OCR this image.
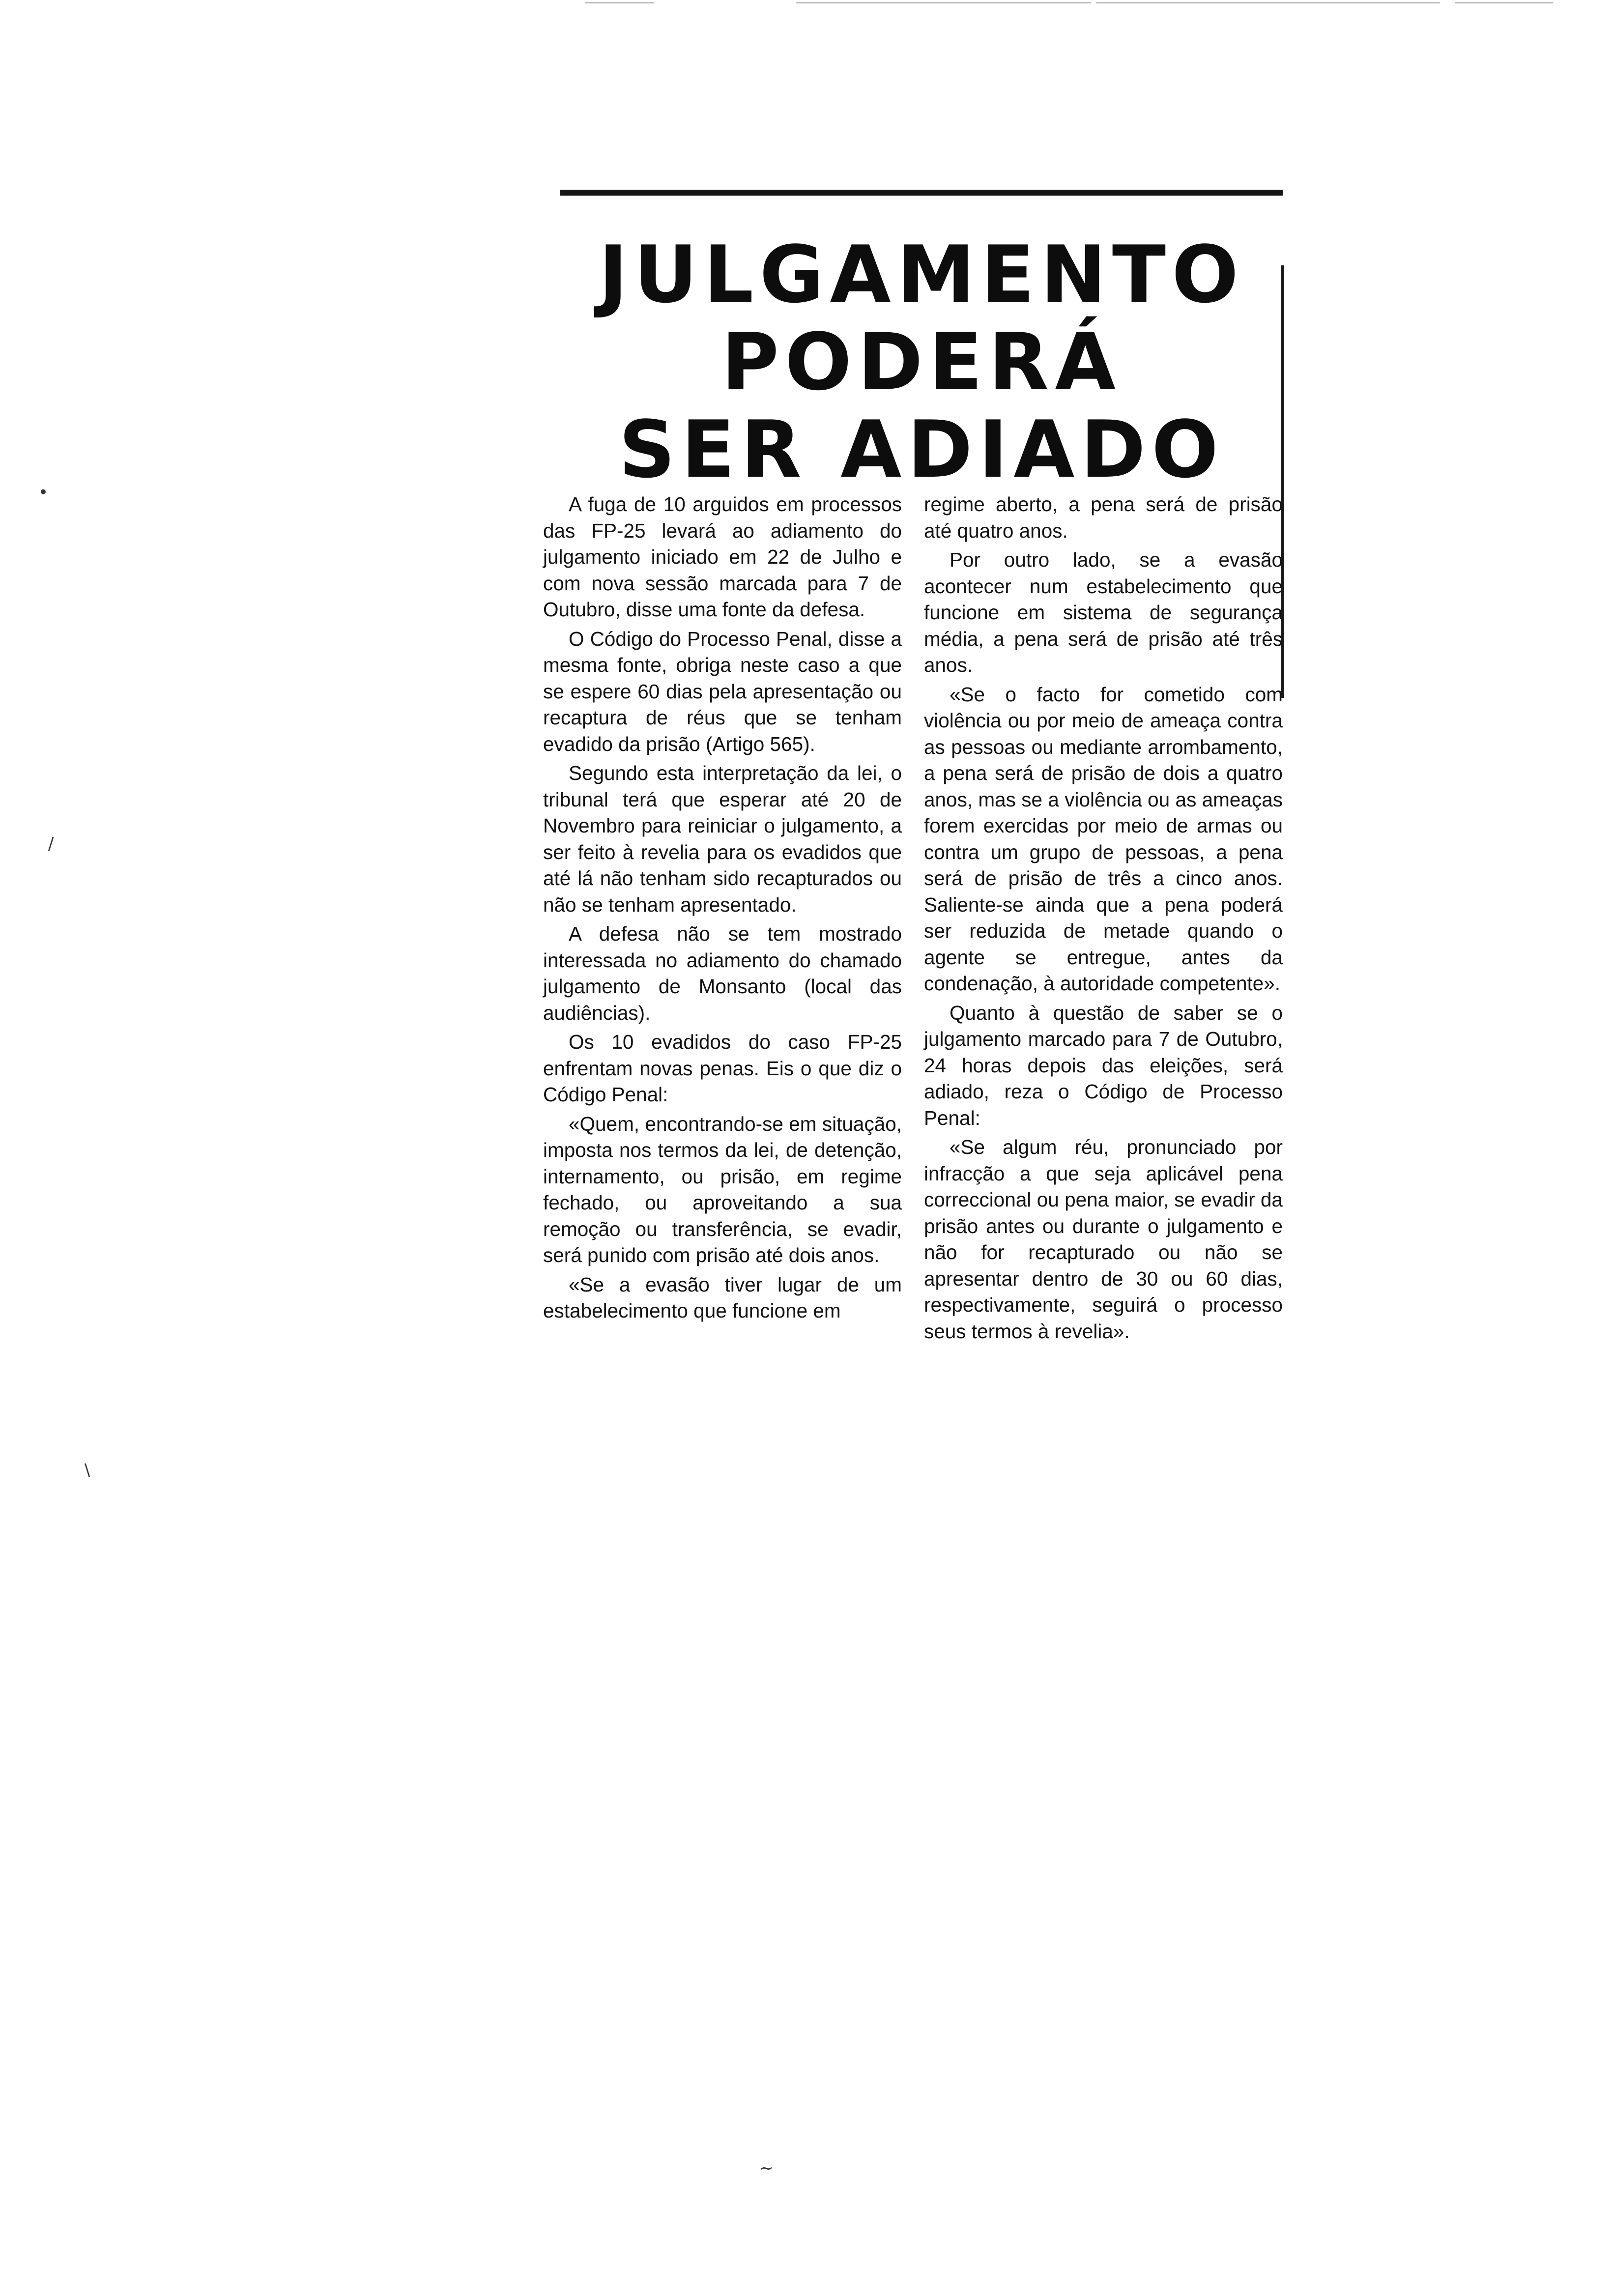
JULGAMENTO
PODERÁ
SER ADIADO

A fuga de 10 arguidos em processos das FP-25 levará ao adiamento do julgamento iniciado em 22 de Julho e com nova sessão marcada para 7 de Outubro, disse uma fonte da defesa.

O Código do Processo Penal, disse a mesma fonte, obriga neste caso a que se espere 60 dias pela apresentação ou recaptura de réus que se tenham evadido da prisão (Artigo 565).

Segundo esta interpretação da lei, o tribunal terá que esperar até 20 de Novembro para reiniciar o julgamento, a ser feito à revelia para os evadidos que até lá não tenham sido recapturados ou não se tenham apresentado.

A defesa não se tem mostrado interessada no adiamento do chamado julgamento de Monsanto (local das audiências).

Os 10 evadidos do caso FP-25 enfrentam novas penas. Eis o que diz o Código Penal:

«Quem, encontrando-se em situação, imposta nos termos da lei, de detenção, internamento, ou prisão, em regime fechado, ou aproveitando a sua remoção ou transferência, se evadir, será punido com prisão até dois anos.

«Se a evasão tiver lugar de um estabelecimento que funcione em

regime aberto, a pena será de prisão até quatro anos.

Por outro lado, se a evasão acontecer num estabelecimento que funcione em sistema de segurança média, a pena será de prisão até três anos.

«Se o facto for cometido com violência ou por meio de ameaça contra as pessoas ou mediante arrombamento, a pena será de prisão de dois a quatro anos, mas se a violência ou as ameaças forem exercidas por meio de armas ou contra um grupo de pessoas, a pena será de prisão de três a cinco anos. Saliente-se ainda que a pena poderá ser reduzida de metade quando o agente se entregue, antes da condenação, à autoridade competente».

Quanto à questão de saber se o julgamento marcado para 7 de Outubro, 24 horas depois das eleições, será adiado, reza o Código de Processo Penal:

«Se algum réu, pronunciado por infracção a que seja aplicável pena correccional ou pena maior, se evadir da prisão antes ou durante o julgamento e não for recapturado ou não se apresentar dentro de 30 ou 60 dias, respectivamente, seguirá o processo seus termos à revelia».

•
/
\
~
